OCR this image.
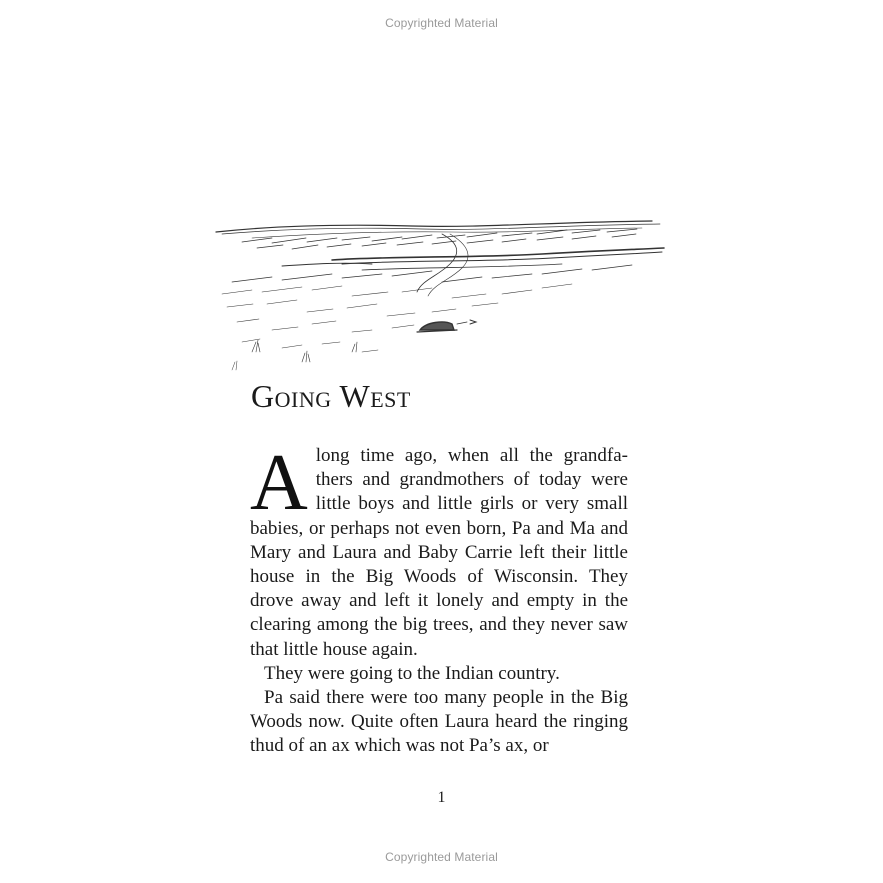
Copyrighted Material
Going West

A long time ago, when all the grandfa-thers and grandmothers of today were little boys and little girls or very small babies, or perhaps not even born, Pa and Ma and Mary and Laura and Baby Carrie left their little house in the Big Woods of Wisconsin. They drove away and left it lonely and empty in the clearing among the big trees, and they never saw that little house again.

They were going to the Indian country.

Pa said there were too many people in the Big Woods now. Quite often Laura heard the ringing thud of an ax which was not Pa’s ax, or

1
Copyrighted Material
